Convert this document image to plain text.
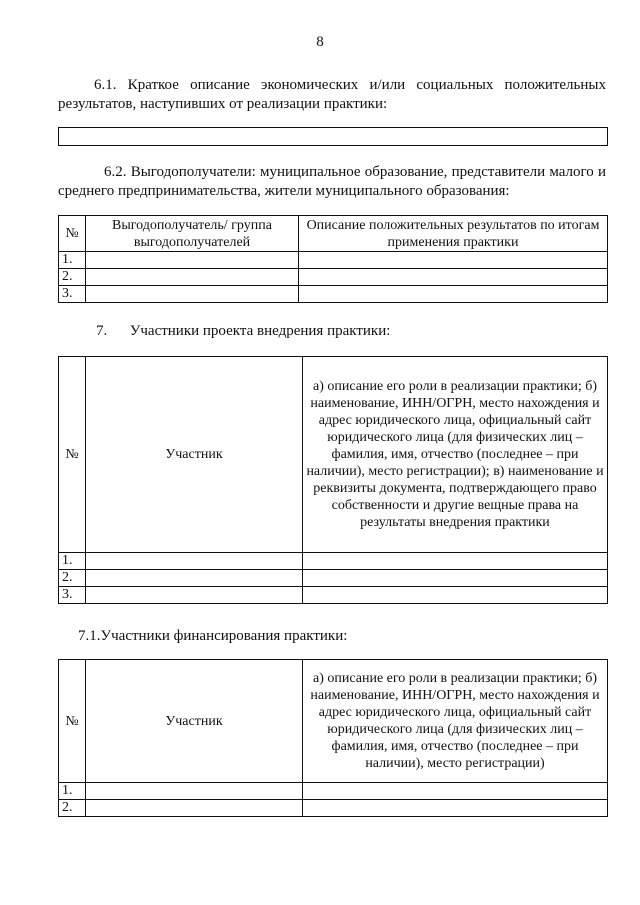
8
6.1. Краткое описание экономических и/или социальных положительных результатов, наступивших от реализации практики:
6.2. Выгодополучатели: муниципальное образование, представители малого и среднего предпринимательства, жители муниципального образования:
№	Выгодополучатель/ группа выгодополучателей	Описание положительных результатов по итогам применения практики
1.		
2.		
3.		
7.      Участники проекта внедрения практики:
№	Участник	а) описание его роли в реализации практики; б) наименование, ИНН/ОГРН, место нахождения и адрес юридического лица, официальный сайт юридического лица (для физических лиц – фамилия, имя, отчество (последнее – при наличии), место регистрации); в) наименование и реквизиты документа, подтверждающего право собственности и другие вещные права на результаты внедрения практики
1.		
2.		
3.		
7.1.Участники финансирования практики:
№	Участник	а) описание его роли в реализации практики; б) наименование, ИНН/ОГРН, место нахождения и адрес юридического лица, официальный сайт юридического лица (для физических лиц – фамилия, имя, отчество (последнее – при наличии), место регистрации)
1.		
2.		
